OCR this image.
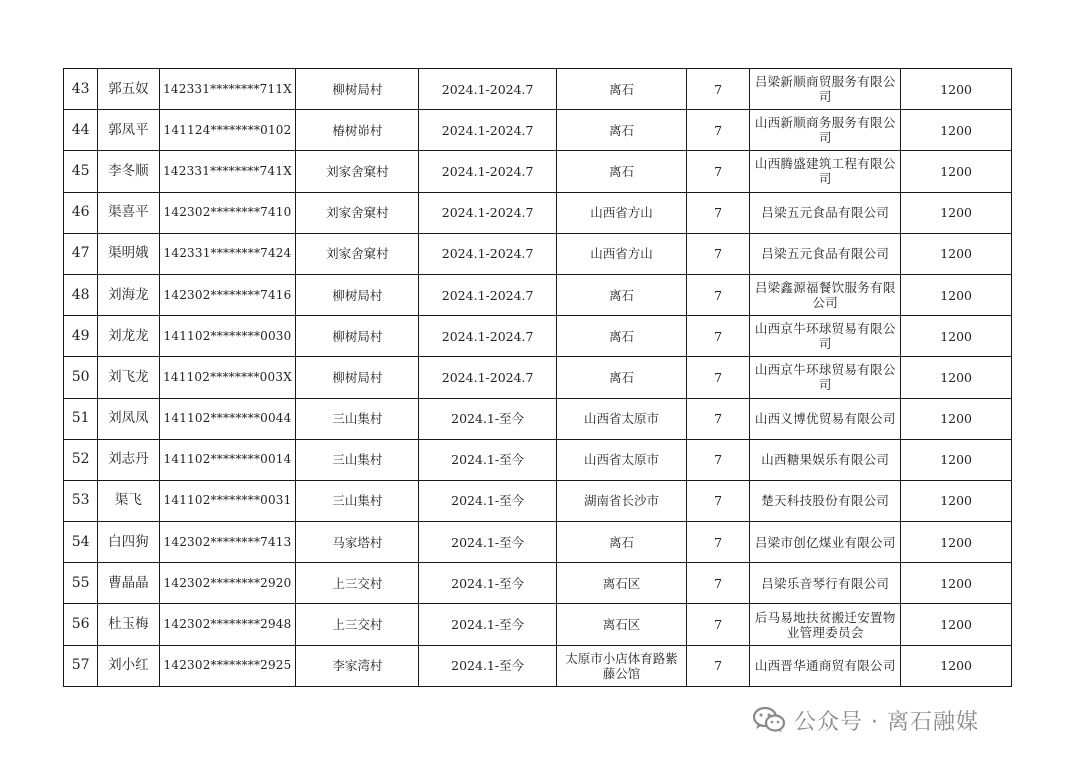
43	郭五奴	142331********711X	柳树局村	2024.1-2024.7	离石	7	吕梁新顺商贸服务有限公司	1200
44	郭凤平	141124********0102	椿树峁村	2024.1-2024.7	离石	7	山西新顺商务服务有限公司	1200
45	李冬顺	142331********741X	刘家舍窠村	2024.1-2024.7	离石	7	山西腾盛建筑工程有限公司	1200
46	渠喜平	142302********7410	刘家舍窠村	2024.1-2024.7	山西省方山	7	吕梁五元食品有限公司	1200
47	渠明娥	142331********7424	刘家舍窠村	2024.1-2024.7	山西省方山	7	吕梁五元食品有限公司	1200
48	刘海龙	142302********7416	柳树局村	2024.1-2024.7	离石	7	吕梁鑫源福餐饮服务有限公司	1200
49	刘龙龙	141102********0030	柳树局村	2024.1-2024.7	离石	7	山西京牛环球贸易有限公司	1200
50	刘飞龙	141102********003X	柳树局村	2024.1-2024.7	离石	7	山西京牛环球贸易有限公司	1200
51	刘凤凤	141102********0044	三山集村	2024.1-至今	山西省太原市	7	山西义博优贸易有限公司	1200
52	刘志丹	141102********0014	三山集村	2024.1-至今	山西省太原市	7	山西糖果娱乐有限公司	1200
53	渠飞	141102********0031	三山集村	2024.1-至今	湖南省长沙市	7	楚天科技股份有限公司	1200
54	白四狗	142302********7413	马家塔村	2024.1-至今	离石	7	吕梁市创亿煤业有限公司	1200
55	曹晶晶	142302********2920	上三交村	2024.1-至今	离石区	7	吕梁乐音琴行有限公司	1200
56	杜玉梅	142302********2948	上三交村	2024.1-至今	离石区	7	后马易地扶贫搬迁安置物业管理委员会	1200
57	刘小红	142302********2925	李家湾村	2024.1-至今	太原市小店体育路紫藤公馆	7	山西晋华通商贸有限公司	1200
公众号 · 离石融媒
